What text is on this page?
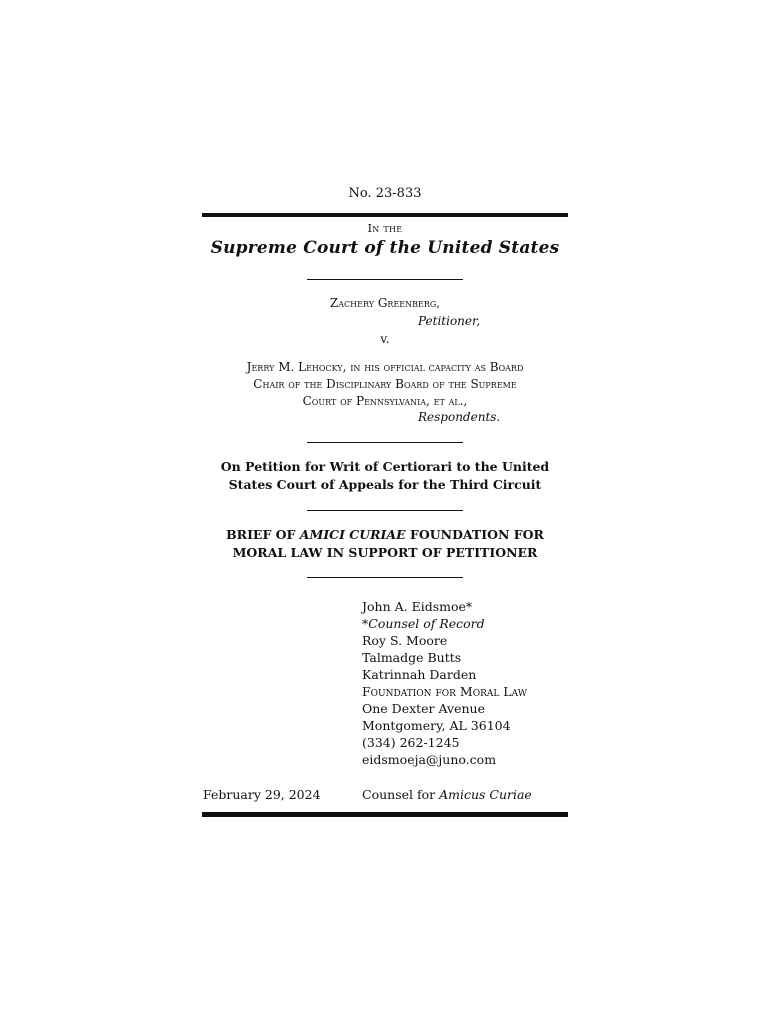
No. 23-833
In the
Supreme Court of the United States
Zachery Greenberg,
Petitioner,
v.
Jerry M. Lehocky, in his official capacity as Board
Chair of the Disciplinary Board of the Supreme
Court of Pennsylvania, et al.,
Respondents.
On Petition for Writ of Certiorari to the United
States Court of Appeals for the Third Circuit
BRIEF OF AMICI CURIAE FOUNDATION FOR
MORAL LAW IN SUPPORT OF PETITIONER
John A. Eidsmoe*
*Counsel of Record
Roy S. Moore
Talmadge Butts
Katrinnah Darden
Foundation for Moral Law
One Dexter Avenue
Montgomery, AL 36104
(334) 262-1245
eidsmoeja@juno.com
February 29, 2024	Counsel for Amicus Curiae
